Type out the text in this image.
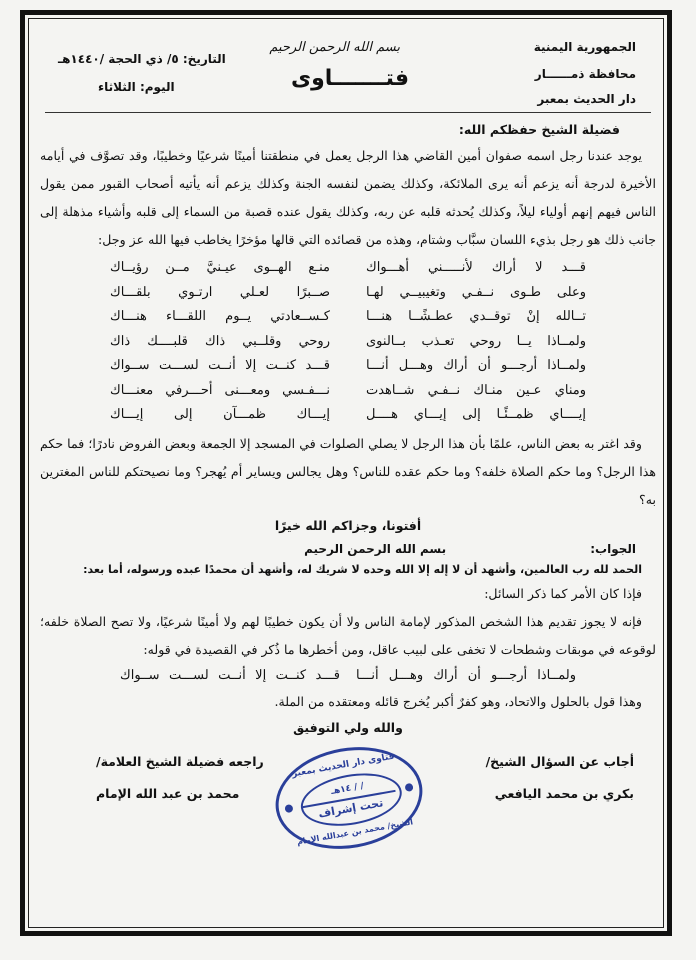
الجمهورية اليمنية
محافظة ذمــــــار
دار الحديث بمعبر
بسم الله الرحمن الرحيم
فتـــــــاوى
التاريخ: ٥/ ذي الحجة /١٤٤٠هـ
اليوم: الثلاثاء
فضيلة الشيخ حفظكم الله:

يوجد عندنا رجل اسمه صفوان أمين القاضي هذا الرجل يعمل في منطقتنا أمينًا شرعيًا وخطيبًا، وقد تصوَّف في أيامه الأخيرة لدرجة أنه يزعم أنه يرى الملائكة، وكذلك يضمن لنفسه الجنة وكذلك يزعم أنه يأتيه أصحاب القبور ممن يقول الناس فيهم إنهم أولياء ليلاً، وكذلك يُحدثه قلبه عن ربه، وكذلك يقول عنده قصبة من السماء إلى قلبه وأشياء مذهلة إلى جانب ذلك هو رجل بذيء اللسان سبَّاب وشتام، وهذه من قصائده التي قالها مؤخرًا يخاطب فيها الله عز وجل:

قـــد لا أراك لأنـــــني أهـــواك
منـع الهــوى عيـنيَّ مــن رؤيــاك
وعلى طـوى نــفـي وتغيبيــي لهـا
صــبرًا لعـلي ارتـوي بلقـــاك
تــالله إنْ توقــدي عطـشًــا هنـــا
كـســعادتي يــوم اللقـــاء هنـــاك
ولمــاذا يــا روحي تعـذب بــالنوى
روحي وقلــبي ذاك قلبــــك ذاك
ولمــاذا أرجـــو أن أراك وهـــل أنـــا
قـــد كنــت إلا أنــت لســـت ســواك
ومناي عـين منـاك نــفـي شــاهدت
نـــفـسي ومعـــنى أحـــرفي معنـــاك
إيــــاي ظمــئًـا إلى إيـــاي هــــل
إيـــاك ظمـــآن إلى إيـــاك

وقد اغتر به بعض الناس، علمًا بأن هذا الرجل لا يصلي الصلوات في المسجد إلا الجمعة وبعض الفروض نادرًا؛ فما حكم هذا الرجل؟ وما حكم الصلاة خلفه؟ وما حكم عقده للناس؟ وهل يجالس ويساير أم يُهجر؟ وما نصيحتكم للناس المغترين به؟

أفتونا، وجزاكم الله خيرًا
الجواب:
بسم الله الرحمن الرحيم
الحمد لله رب العالمين، وأشهد أن لا إله إلا الله وحده لا شريك له، وأشهد أن محمدًا عبده ورسوله، أما بعد:

فإذا كان الأمر كما ذكر السائل:

فإنه لا يجوز تقديم هذا الشخص المذكور لإمامة الناس ولا أن يكون خطيبًا لهم ولا أمينًا شرعيًا، ولا تصح الصلاة خلفه؛ لوقوعه في موبقات وشطحات لا تخفى على لبيب عاقل، ومن أخطرها ما ذُكر في القصيدة في قوله:

ولمــاذا أرجـــو أن أراك وهـــل أنـــا
قـــد كنــت إلا أنــت لســـت ســواك

وهذا قول بالحلول والاتحاد، وهو كفرٌ أكبر يُخرج قائله ومعتقده من الملة.

والله ولي التوفيق
أجاب عن السؤال الشيخ/
بكري بن محمد اليافعي
راجعه فضيلة الشيخ العلامة/
محمد بن عبد الله الإمام
فتاوى دار الحديث بمعبر
/ / ١٤هـ
تحت إشراف
الشيخ/ محمد بن عبدالله الإمام
